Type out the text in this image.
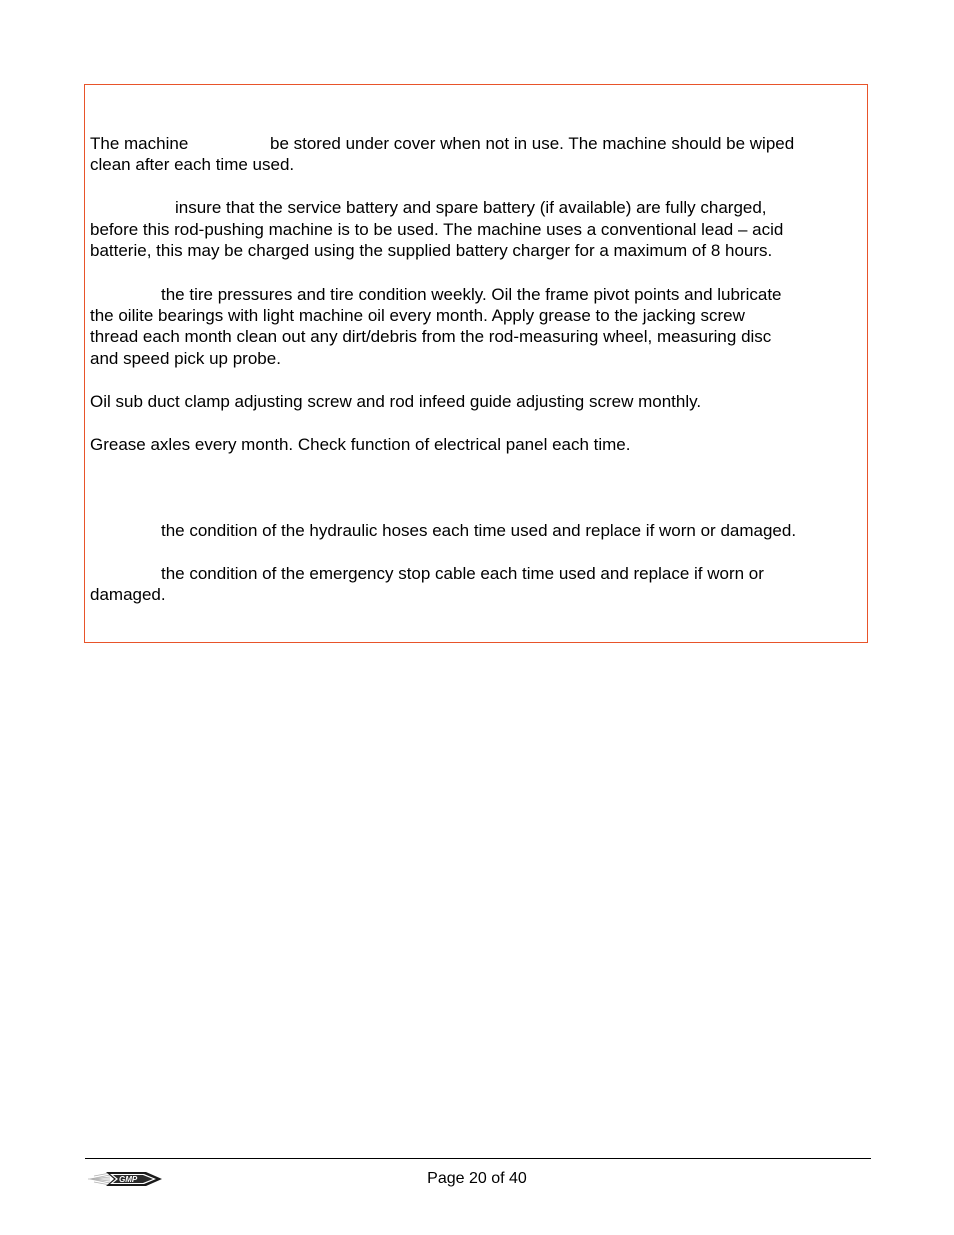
The machine	be stored under cover when not in use. The machine should be wiped
clean after each time used.
insure that the service battery and spare battery (if available) are fully charged,
before this rod-pushing machine is to be used. The machine uses a conventional lead – acid
batterie, this may be charged using the supplied battery charger for a maximum of 8 hours.
the tire pressures and tire condition weekly. Oil the frame pivot points and lubricate
the oilite bearings with light machine oil every month. Apply grease to the jacking screw
thread each month clean out any dirt/debris from the rod-measuring wheel, measuring disc
and speed pick up probe.
Oil sub duct clamp adjusting screw and rod infeed guide adjusting screw monthly.
Grease axles every month. Check function of electrical panel each time.
the condition of the hydraulic hoses each time used and replace if worn or damaged.
the condition of the emergency stop cable each time used and replace if worn or
damaged.
GMP	Page 20 of 40
